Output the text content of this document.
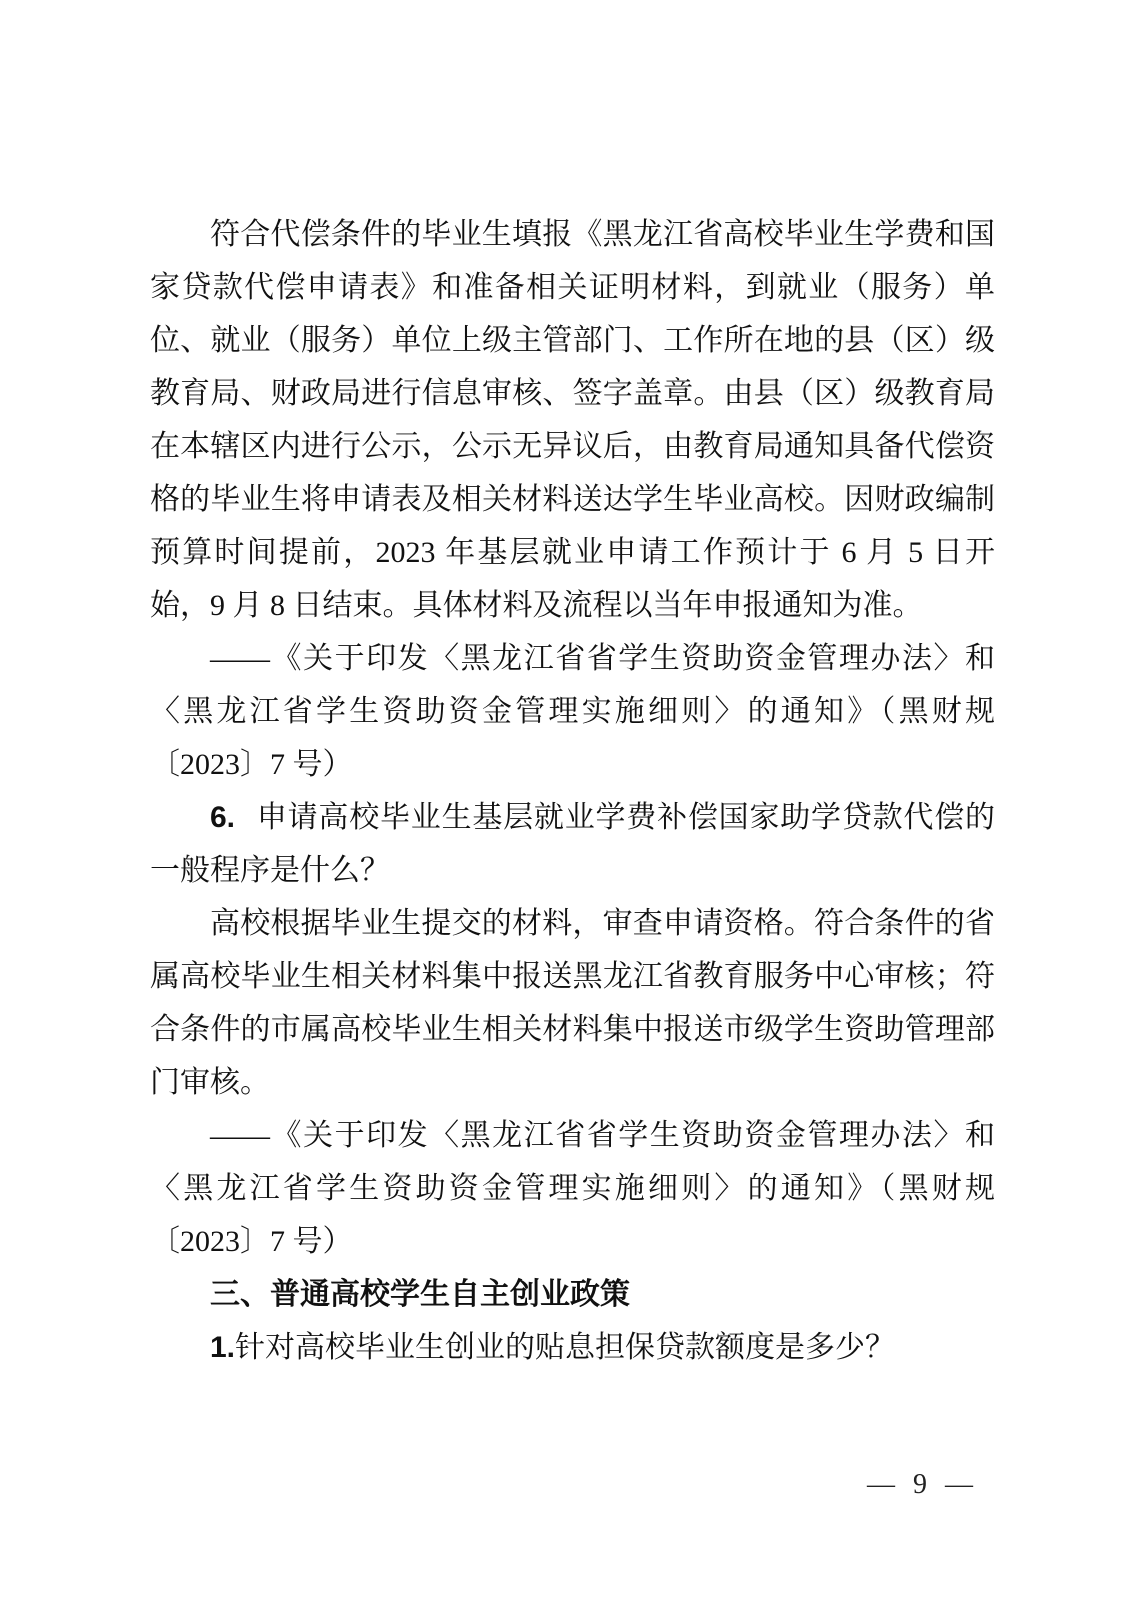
符合代偿条件的毕业生填报《黑龙江省高校毕业生学费和国家贷款代偿申请表》和准备相关证明材料，到就业（服务）单位、就业（服务）单位上级主管部门、工作所在地的县（区）级教育局、财政局进行信息审核、签字盖章。由县（区）级教育局在本辖区内进行公示，公示无异议后，由教育局通知具备代偿资格的毕业生将申请表及相关材料送达学生毕业高校。因财政编制预算时间提前，2023 年基层就业申请工作预计于 6 月 5 日开始，9 月 8 日结束。具体材料及流程以当年申报通知为准。

——《关于印发〈黑龙江省省学生资助资金管理办法〉和〈黑龙江省学生资助资金管理实施细则〉的通知》（黑财规〔2023〕7 号）

6. 申请高校毕业生基层就业学费补偿国家助学贷款代偿的一般程序是什么？

高校根据毕业生提交的材料，审查申请资格。符合条件的省属高校毕业生相关材料集中报送黑龙江省教育服务中心审核；符合条件的市属高校毕业生相关材料集中报送市级学生资助管理部门审核。

——《关于印发〈黑龙江省省学生资助资金管理办法〉和〈黑龙江省学生资助资金管理实施细则〉的通知》（黑财规〔2023〕7 号）

三、普通高校学生自主创业政策

1.针对高校毕业生创业的贴息担保贷款额度是多少？

— 9 —
